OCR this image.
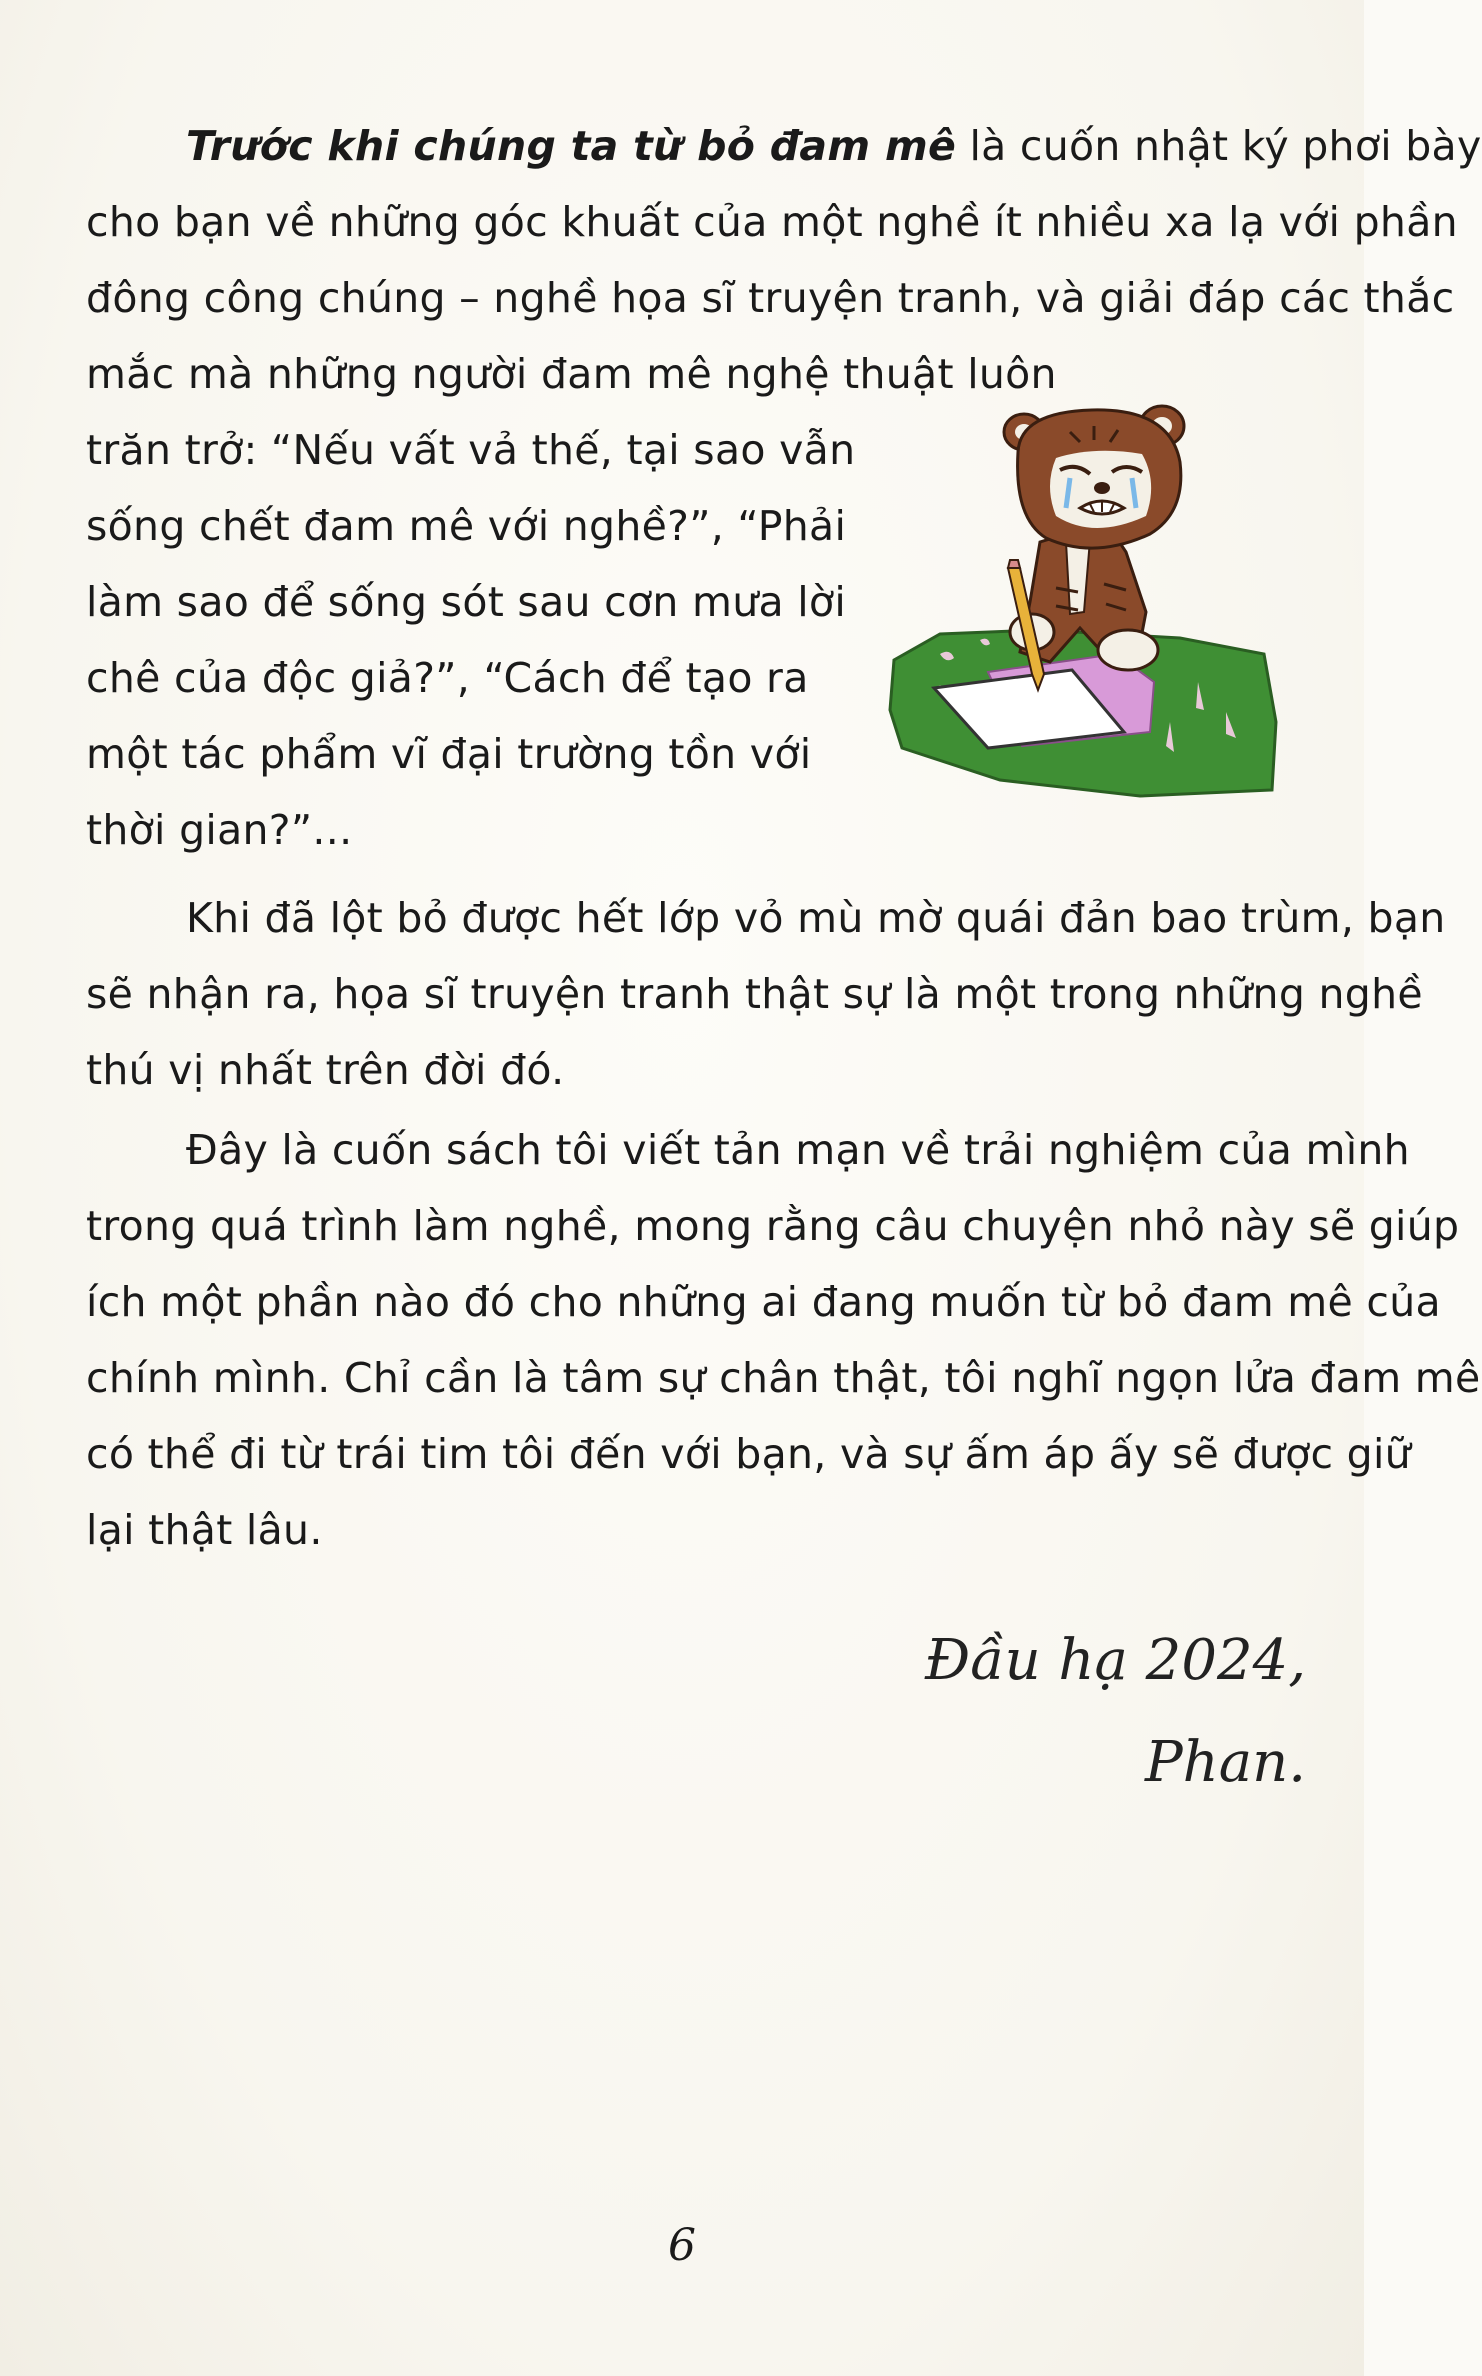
Trước khi chúng ta từ bỏ đam mê là cuốn nhật ký phơi bày
cho bạn về những góc khuất của một nghề ít nhiều xa lạ với phần
đông công chúng – nghề họa sĩ truyện tranh, và giải đáp các thắc
mắc mà những người đam mê nghệ thuật luôn
trăn trở: “Nếu vất vả thế, tại sao vẫn
sống chết đam mê với nghề?”, “Phải
làm sao để sống sót sau cơn mưa lời
chê của độc giả?”, “Cách để tạo ra
một tác phẩm vĩ đại trường tồn với
thời gian?”...
Khi đã lột bỏ được hết lớp vỏ mù mờ quái đản bao trùm, bạn
sẽ nhận ra, họa sĩ truyện tranh thật sự là một trong những nghề
thú vị nhất trên đời đó.
Đây là cuốn sách tôi viết tản mạn về trải nghiệm của mình
trong quá trình làm nghề, mong rằng câu chuyện nhỏ này sẽ giúp
ích một phần nào đó cho những ai đang muốn từ bỏ đam mê của
chính mình. Chỉ cần là tâm sự chân thật, tôi nghĩ ngọn lửa đam mê
có thể đi từ trái tim tôi đến với bạn, và sự ấm áp ấy sẽ được giữ
lại thật lâu.
Đầu hạ 2024,
Phan.
6
